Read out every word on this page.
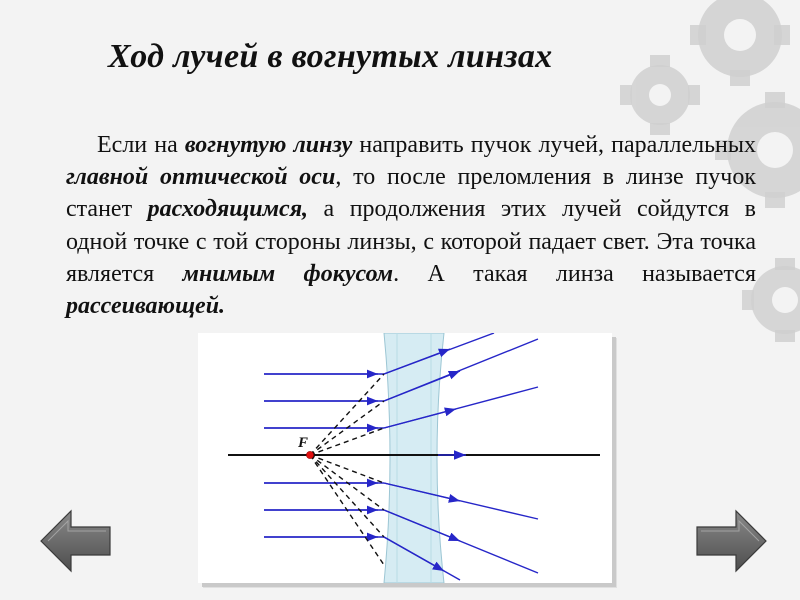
Ход лучей в вогнутых линзах

Если на вогнутую линзу направить пучок лучей, параллельных главной оптической оси, то после преломления в линзе пучок станет расходящимся, а продолжения этих лучей сойдутся в одной точке с той стороны линзы, с которой падает свет. Эта точка является мнимым фокусом. А такая линза называется рассеивающей.

F
